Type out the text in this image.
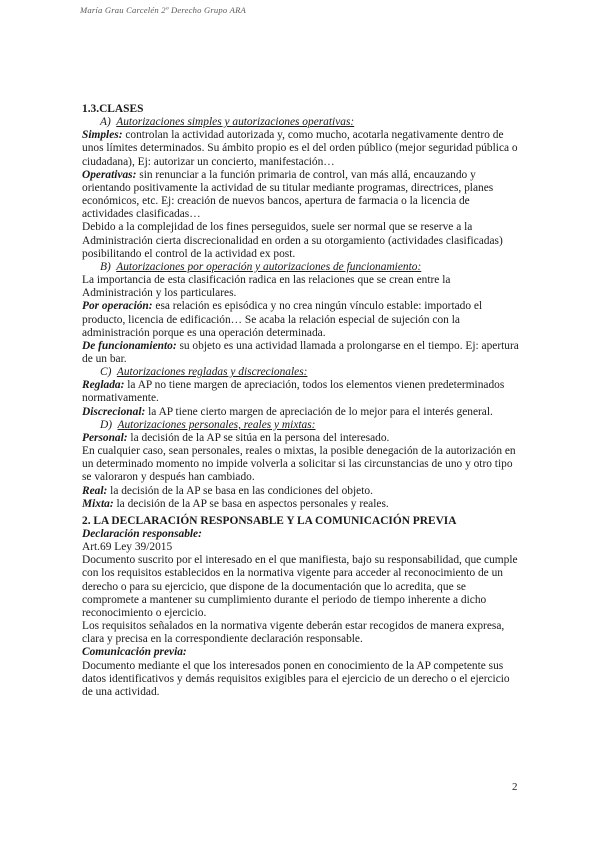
María Grau Carcelén 2º Derecho Grupo ARA

1.3.CLASES

A) Autorizaciones simples y autorizaciones operativas:

Simples: controlan la actividad autorizada y, como mucho, acotarla negativamente dentro de unos límites determinados. Su ámbito propio es el del orden público (mejor seguridad pública o ciudadana), Ej: autorizar un concierto, manifestación…

Operativas: sin renunciar a la función primaria de control, van más allá, encauzando y orientando positivamente la actividad de su titular mediante programas, directrices, planes económicos, etc. Ej: creación de nuevos bancos, apertura de farmacia o la licencia de actividades clasificadas…

Debido a la complejidad de los fines perseguidos, suele ser normal que se reserve a la Administración cierta discrecionalidad en orden a su otorgamiento (actividades clasificadas) posibilitando el control de la actividad ex post.

B) Autorizaciones por operación y autorizaciones de funcionamiento:

La importancia de esta clasificación radica en las relaciones que se crean entre la Administración y los particulares.

Por operación: esa relación es episódica y no crea ningún vínculo estable: importado el producto, licencia de edificación… Se acaba la relación especial de sujeción con la administración porque es una operación determinada.

De funcionamiento: su objeto es una actividad llamada a prolongarse en el tiempo. Ej: apertura de un bar.

C) Autorizaciones regladas y discrecionales:

Reglada: la AP no tiene margen de apreciación, todos los elementos vienen predeterminados normativamente.

Discrecional: la AP tiene cierto margen de apreciación de lo mejor para el interés general.

D) Autorizaciones personales, reales y mixtas:

Personal: la decisión de la AP se sitúa en la persona del interesado.

En cualquier caso, sean personales, reales o mixtas, la posible denegación de la autorización en un determinado momento no impide volverla a solicitar si las circunstancias de uno y otro tipo se valoraron y después han cambiado.

Real: la decisión de la AP se basa en las condiciones del objeto.

Mixta: la decisión de la AP se basa en aspectos personales y reales.

2. LA DECLARACIÓN RESPONSABLE Y LA COMUNICACIÓN PREVIA

Declaración responsable:

Art.69 Ley 39/2015

Documento suscrito por el interesado en el que manifiesta, bajo su responsabilidad, que cumple con los requisitos establecidos en la normativa vigente para acceder al reconocimiento de un derecho o para su ejercicio, que dispone de la documentación que lo acredita, que se compromete a mantener su cumplimiento durante el periodo de tiempo inherente a dicho reconocimiento o ejercicio.

Los requisitos señalados en la normativa vigente deberán estar recogidos de manera expresa, clara y precisa en la correspondiente declaración responsable.

Comunicación previa:

Documento mediante el que los interesados ponen en conocimiento de la AP competente sus datos identificativos y demás requisitos exigibles para el ejercicio de un derecho o el ejercicio de una actividad.

2
